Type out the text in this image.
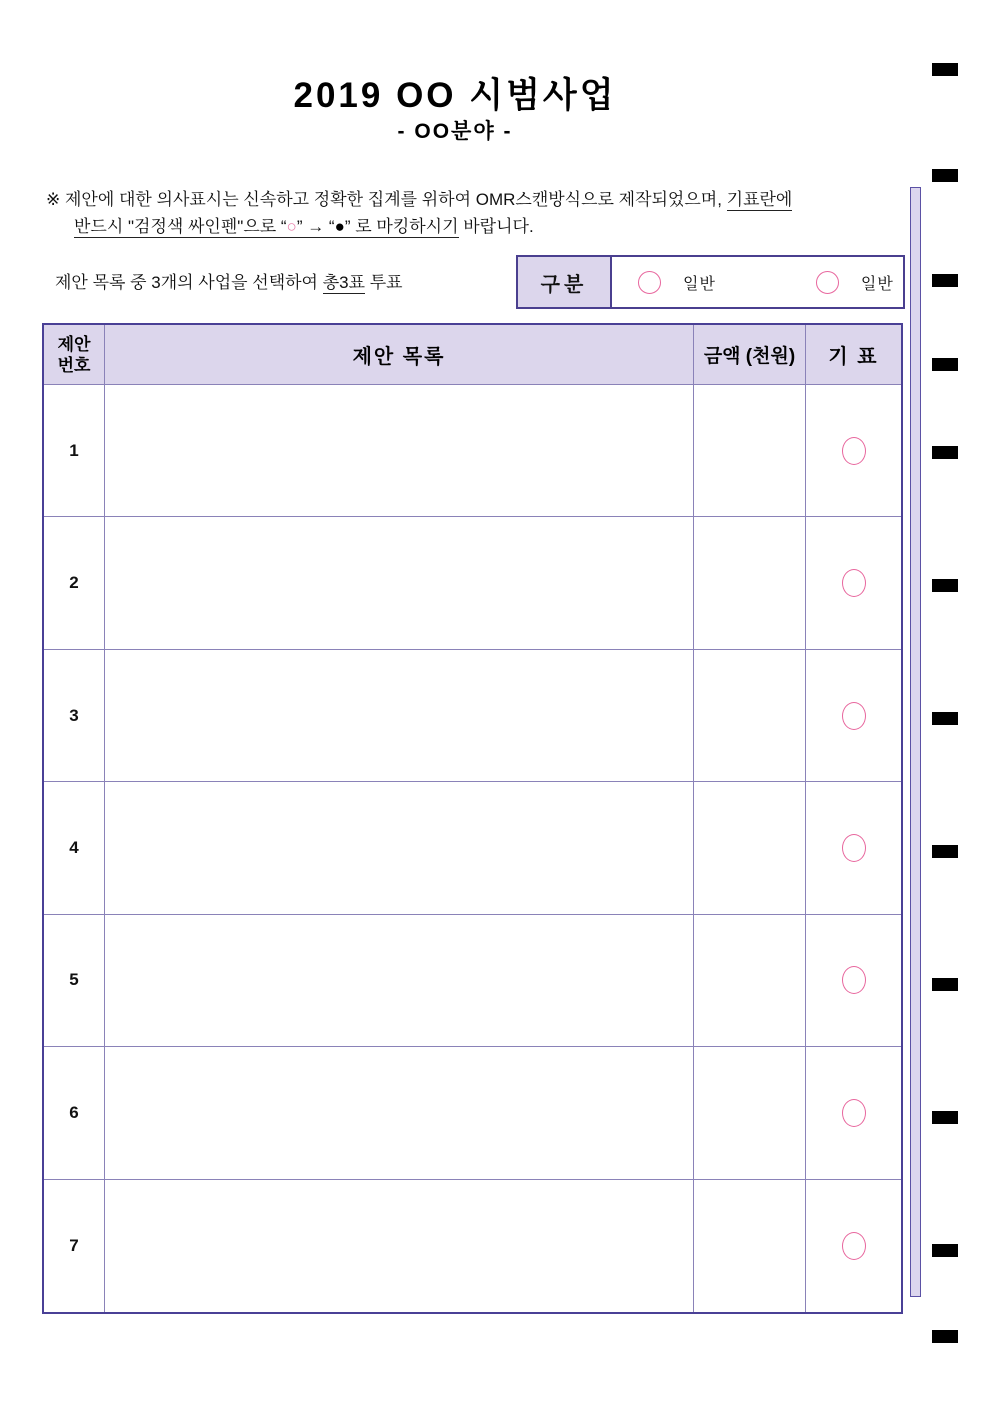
2019 OO 시범사업
- OO분야 -
※ 제안에 대한 의사표시는 신속하고 정확한 집계를 위하여 OMR스캔방식으로 제작되었으며, 기표란에
반드시 "검정색 싸인펜"으로 “○” → “●” 로 마킹하시기 바랍니다.
제안 목록 중 3개의 사업을 선택하여 총3표 투표	구분	일반	일반
제안
번호	제안 목록	금액 (천원)	기 표
1
2
3
4
5
6
7
